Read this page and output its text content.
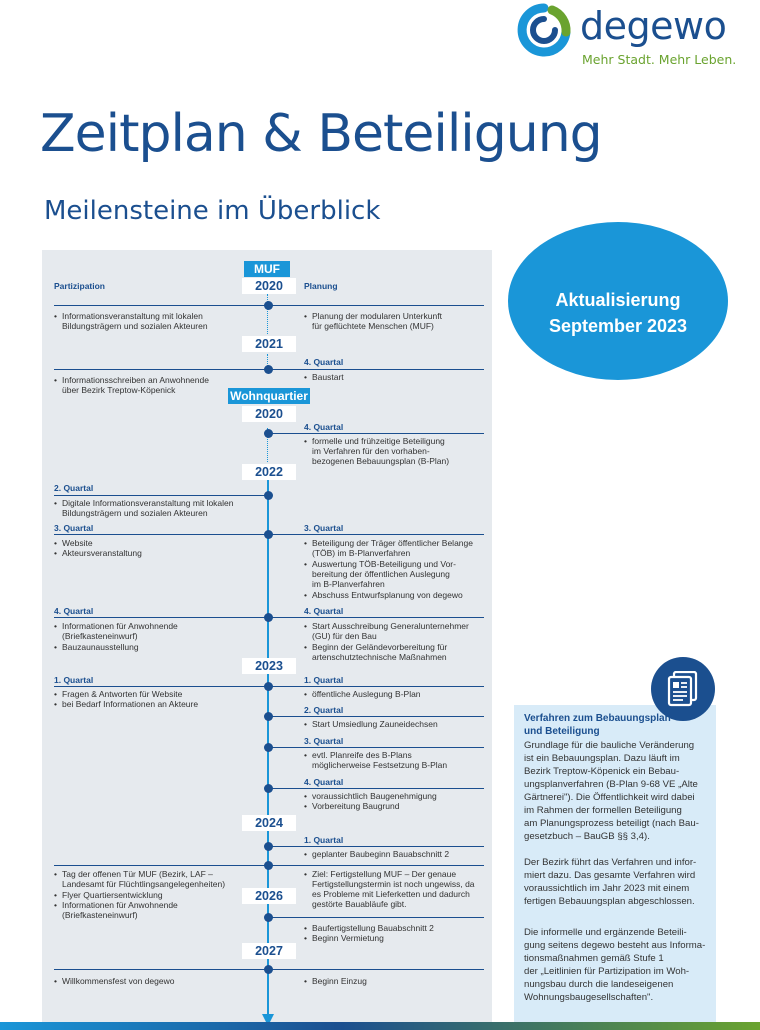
degewo
Mehr Stadt. Mehr Leben.
Zeitplan & Beteiligung
Meilensteine im Überblick
Aktualisierung
September 2023
Partizipation	Planung
MUF
2020
• Informationsveranstaltung mit lokalen
Bildungsträgern und sozialen Akteuren
• Planung der modularen Unterkunft
für geflüchtete Menschen (MUF)
2021
4. Quartal
• Baustart
• Informationsschreiben an Anwohnende
über Bezirk Treptow-Köpenick	Wohnquartier
2020
4. Quartal
• formelle und frühzeitige Beteiligung
im Verfahren für den vorhaben-
bezogenen Bebauungsplan (B-Plan)
2022
2. Quartal
• Digitale Informationsveranstaltung mit lokalen
Bildungsträgern und sozialen Akteuren
3. Quartal	3. Quartal
• Website
• Akteursveranstaltung
• Beteiligung der Träger öffentlicher Belange
(TÖB) im B-Planverfahren
• Auswertung TÖB-Beteiligung und Vor-
bereitung der öffentlichen Auslegung
im B-Planverfahren
• Abschuss Entwurfsplanung von degewo
4. Quartal	4. Quartal
• Informationen für Anwohnende
(Briefkasteneinwurf)
• Bauzaunausstellung
• Start Ausschreibung Generalunternehmer
(GU) für den Bau
• Beginn der Geländevorbereitung für
artenschutztechnische Maßnahmen
2023
1. Quartal	1. Quartal
• Fragen & Antworten für Website
• bei Bedarf Informationen an Akteure
• öffentliche Auslegung B-Plan
2. Quartal
• Start Umsiedlung Zauneidechsen
3. Quartal
• evtl. Planreife des B-Plans
möglicherweise Festsetzung B-Plan
4. Quartal
• voraussichtlich Baugenehmigung
• Vorbereitung Baugrund
2024
1. Quartal
• geplanter Baubeginn Bauabschnitt 2
• Tag der offenen Tür MUF (Bezirk, LAF –
Landesamt für Flüchtlingsangelegenheiten)
• Flyer Quartiersentwicklung
• Informationen für Anwohnende
(Briefkasteneinwurf)
• Ziel: Fertigstellung MUF – Der genaue
Fertigstellungstermin ist noch ungewiss, da
es Probleme mit Lieferketten und dadurch
gestörte Bauabläufe gibt.
2026
• Baufertigstellung Bauabschnitt 2
• Beginn Vermietung
2027
• Willkommensfest von degewo
•	Beginn Einzug
Verfahren zum Bebauungsplan
und Beteiligung

Grundlage für die bauliche Veränderung
ist ein Bebauungsplan. Dazu läuft im
Bezirk Treptow-Köpenick ein Bebau-
ungsplanverfahren (B-Plan 9-68 VE „Alte
Gärtnerei"). Die Öffentlichkeit wird dabei
im Rahmen der formellen Beteiligung
am Planungsprozess beteiligt (nach Bau-
gesetzbuch – BauGB §§ 3,4).

Der Bezirk führt das Verfahren und infor-
miert dazu. Das gesamte Verfahren wird
voraussichtlich im Jahr 2023 mit einem
fertigen Bebauungsplan abgeschlossen.

Die informelle und ergänzende Beteili-
gung seitens degewo besteht aus Informa-
tionsmaßnahmen gemäß Stufe 1
der „Leitlinien für Partizipation im Woh-
nungsbau durch die landeseigenen
Wohnungsbaugesellschaften".
